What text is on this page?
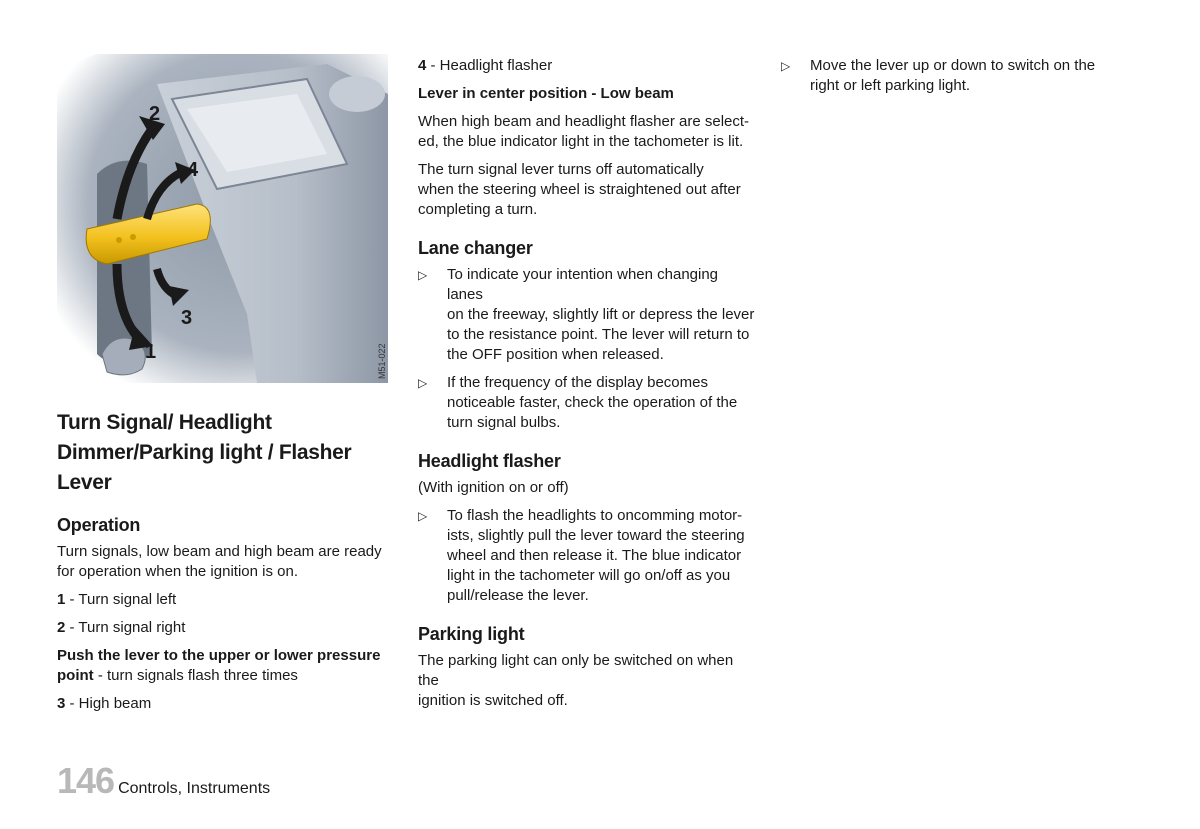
2
4
3
1	M51-022
Turn Signal/ Headlight
Dimmer/Parking light / Flasher
Lever
Operation

Turn signals, low beam and high beam are ready

for operation when the ignition is on.

1 - Turn signal left

2 - Turn signal right

Push the lever to the upper or lower pressure

point - turn signals flash three times

3 - High beam

4 - Headlight flasher

Lever in center position - Low beam

When high beam and headlight flasher are select-

ed, the blue indicator light in the tachometer is lit.

The turn signal lever turns off automatically

when the steering wheel is straightened out after

completing a turn.

Lane changer
▷	To indicate your intention when changing lanes

on the freeway, slightly lift or depress the lever

to the resistance point. The lever will return to

the OFF position when released.

▷	If the frequency of the display becomes

noticeable faster, check the operation of the

turn signal bulbs.

Headlight flasher

(With ignition on or off)

▷	To flash the headlights to oncomming motor-

ists, slightly pull the lever toward the steering

wheel and then release it. The blue indicator

light in the tachometer will go on/off as you

pull/release the lever.

Parking light

The parking light can only be switched on when the

ignition is switched off.

▷	Move the lever up or down to switch on the

right or left parking light.

146 Controls, Instruments
